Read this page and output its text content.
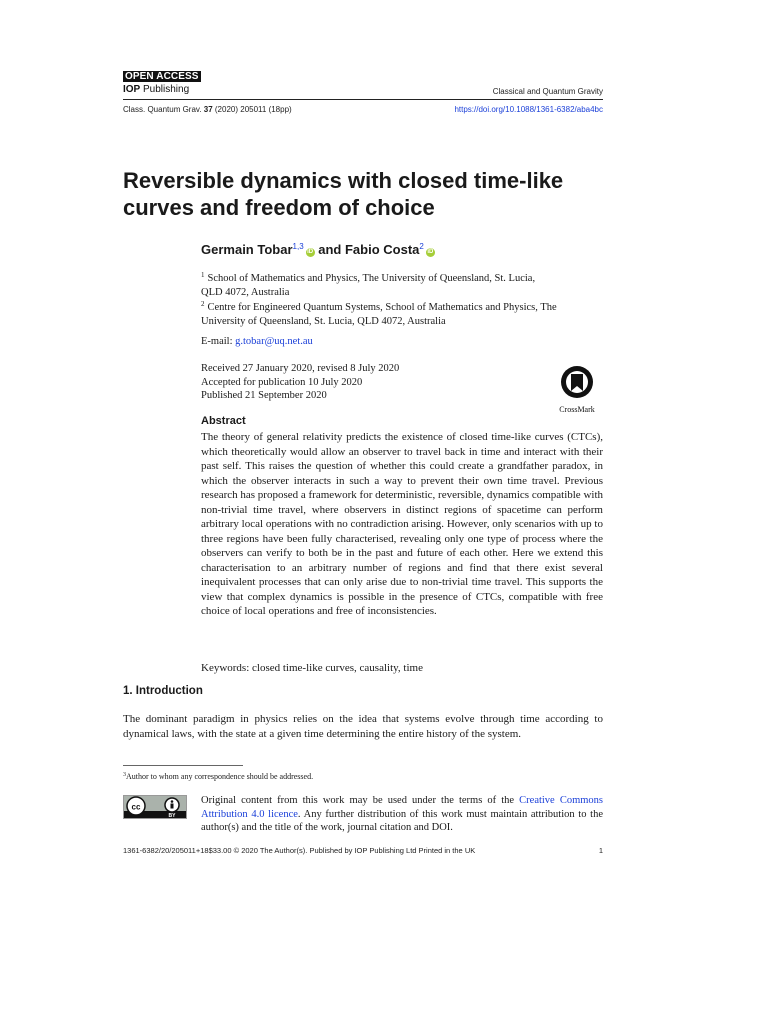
OPEN ACCESS
IOP Publishing	Classical and Quantum Gravity
Class. Quantum Grav. 37 (2020) 205011 (18pp)	https://doi.org/10.1088/1361-6382/aba4bc
Reversible dynamics with closed time-like curves and freedom of choice
Germain Tobar$^{1,3}$iD and Fabio Costa$^2$iD
$^1$ School of Mathematics and Physics, The University of Queensland, St. Lucia,
QLD 4072, Australia
$^2$ Centre for Engineered Quantum Systems, School of Mathematics and Physics, The
University of Queensland, St. Lucia, QLD 4072, Australia
E-mail: g.tobar@uq.net.au
Received 27 January 2020, revised 8 July 2020
Accepted for publication 10 July 2020
Published 21 September 2020
CrossMark
Abstract
The theory of general relativity predicts the existence of closed time-like curves (CTCs), which theoretically would allow an observer to travel back in time and interact with their past self. This raises the question of whether this could create a grandfather paradox, in which the observer interacts in such a way to prevent their own time travel. Previous research has proposed a framework for deterministic, reversible, dynamics compatible with non-trivial time travel, where observers in distinct regions of spacetime can perform arbitrary local operations with no contradiction arising. However, only scenarios with up to three regions have been fully characterised, revealing only one type of process where the observers can verify to both be in the past and future of each other. Here we extend this characterisation to an arbitrary number of regions and find that there exist several inequivalent processes that can only arise due to non-trivial time travel. This supports the view that complex dynamics is possible in the presence of CTCs, compatible with free choice of local operations and free of inconsistencies.
Keywords: closed time-like curves, causality, time
1. Introduction
The dominant paradigm in physics relies on the idea that systems evolve through time according to dynamical laws, with the state at a given time determining the entire history of the system.
$^3$Author to whom any correspondence should be addressed.
cc
BY
Original content from this work may be used under the terms of the Creative Commons Attribution 4.0 licence. Any further distribution of this work must maintain attribution to the author(s) and the title of the work, journal citation and DOI.
1361-6382/20/205011+18$33.00 © 2020 The Author(s). Published by IOP Publishing Ltd Printed in the UK	1
